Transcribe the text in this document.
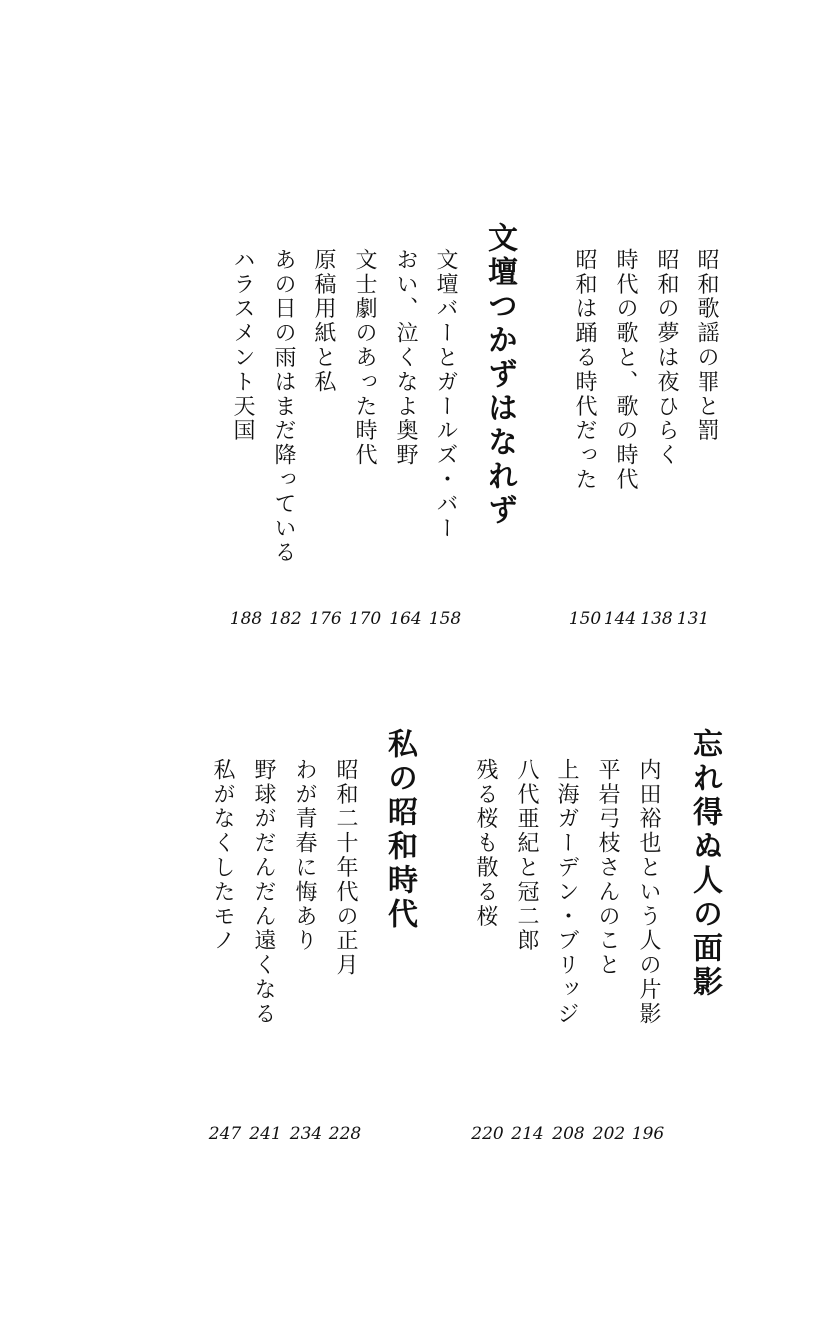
昭和歌謡の罪と罰
昭和の夢は夜ひらく
時代の歌と、歌の時代
昭和は踊る時代だった
150 144 138 131
文壇つかずはなれず
文壇バーとガールズ・バー
おい、泣くなよ奥野
文士劇のあった時代
原稿用紙と私
あの日の雨はまだ降っている
ハラスメント天国
188 182 176 170 164 158
忘れ得ぬ人の面影
内田裕也という人の片影
平岩弓枝さんのこと
上海ガーデン・ブリッジ
八代亜紀と冠二郎
残る桜も散る桜
220 214 208 202 196
私の昭和時代
昭和二十年代の正月
わが青春に悔あり
野球がだんだん遠くなる
私がなくしたモノ
247 241 234 228
